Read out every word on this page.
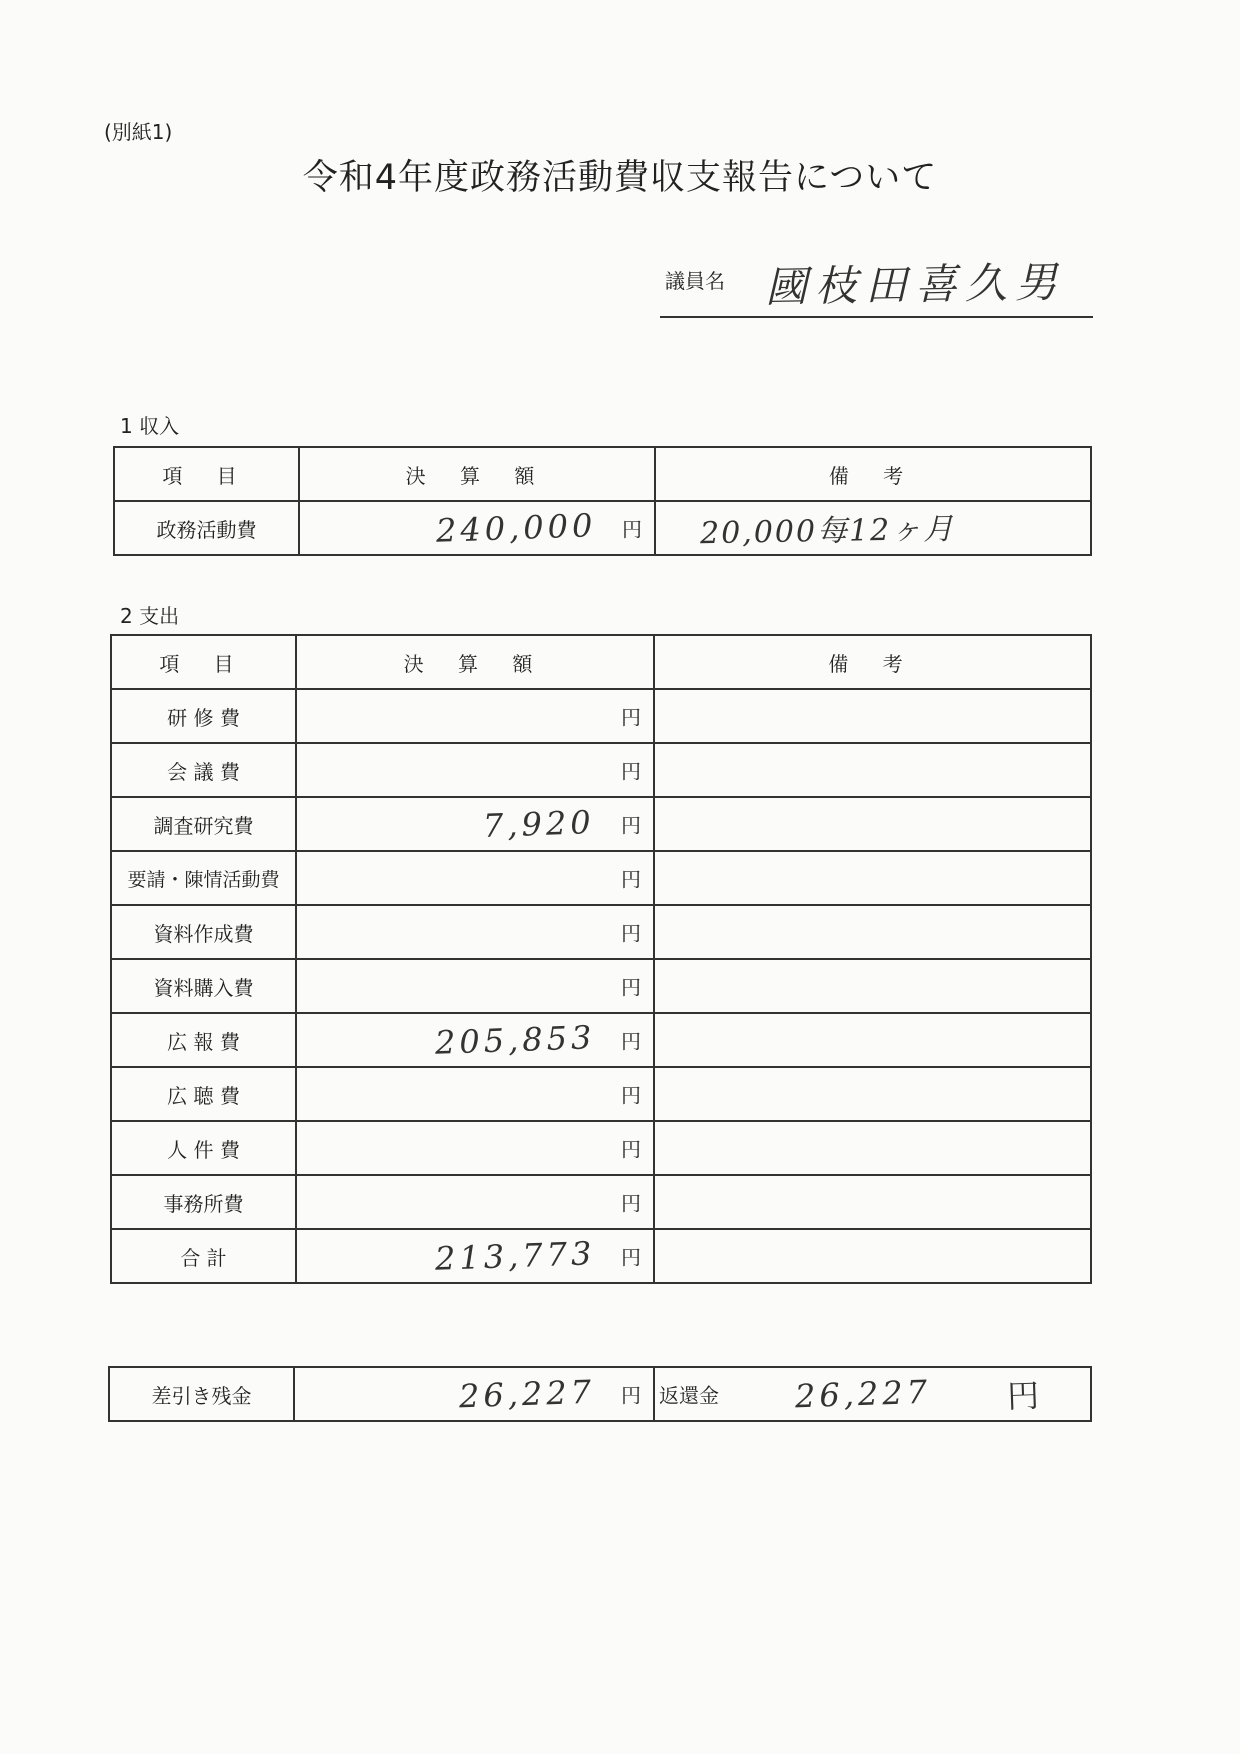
(別紙1)
令和4年度政務活動費収支報告について
議員名 國枝田喜久男
1 収入
項 目	決 算 額	備 考
政務活動費	240,000 円	20,000每12ヶ月
2 支出
項 目	決 算 額	備 考
研 修 費	円	

会 議 費	円	

調査研究費	7,920 円	

要請・陳情活動費	円	

資料作成費	円	

資料購入費	円	

広 報 費	205,853 円	

広 聴 費	円	

人 件 費	円	

事務所費	円	

合 計	213,773 円	

差引き残金	26,227 円	返還金 26,227 円
